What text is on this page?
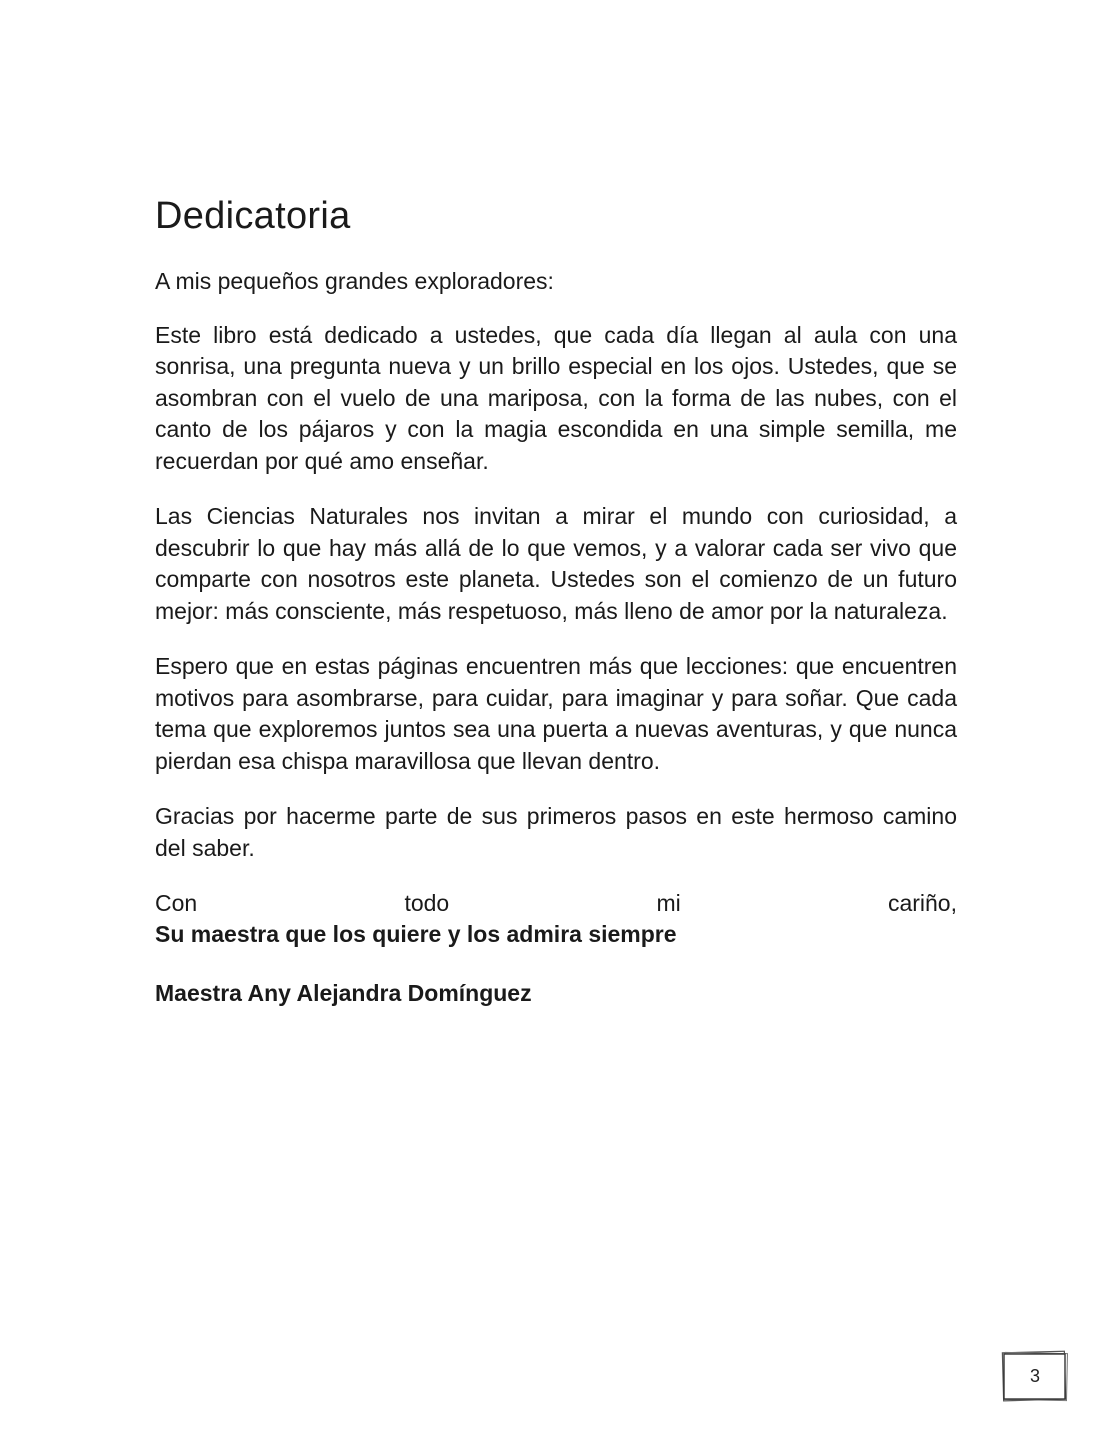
Dedicatoria

A mis pequeños grandes exploradores:

Este libro está dedicado a ustedes, que cada día llegan al aula con una sonrisa, una pregunta nueva y un brillo especial en los ojos. Ustedes, que se asombran con el vuelo de una mariposa, con la forma de las nubes, con el canto de los pájaros y con la magia escondida en una simple semilla, me recuerdan por qué amo enseñar.

Las Ciencias Naturales nos invitan a mirar el mundo con curiosidad, a descubrir lo que hay más allá de lo que vemos, y a valorar cada ser vivo que comparte con nosotros este planeta. Ustedes son el comienzo de un futuro mejor: más consciente, más respetuoso, más lleno de amor por la naturaleza.

Espero que en estas páginas encuentren más que lecciones: que encuentren motivos para asombrarse, para cuidar, para imaginar y para soñar. Que cada tema que exploremos juntos sea una puerta a nuevas aventuras, y que nunca pierdan esa chispa maravillosa que llevan dentro.

Gracias por hacerme parte de sus primeros pasos en este hermoso camino del saber.

Con	todo	mi	cariño,
Su maestra que los quiere y los admira siempre
Maestra Any Alejandra Domínguez
3
